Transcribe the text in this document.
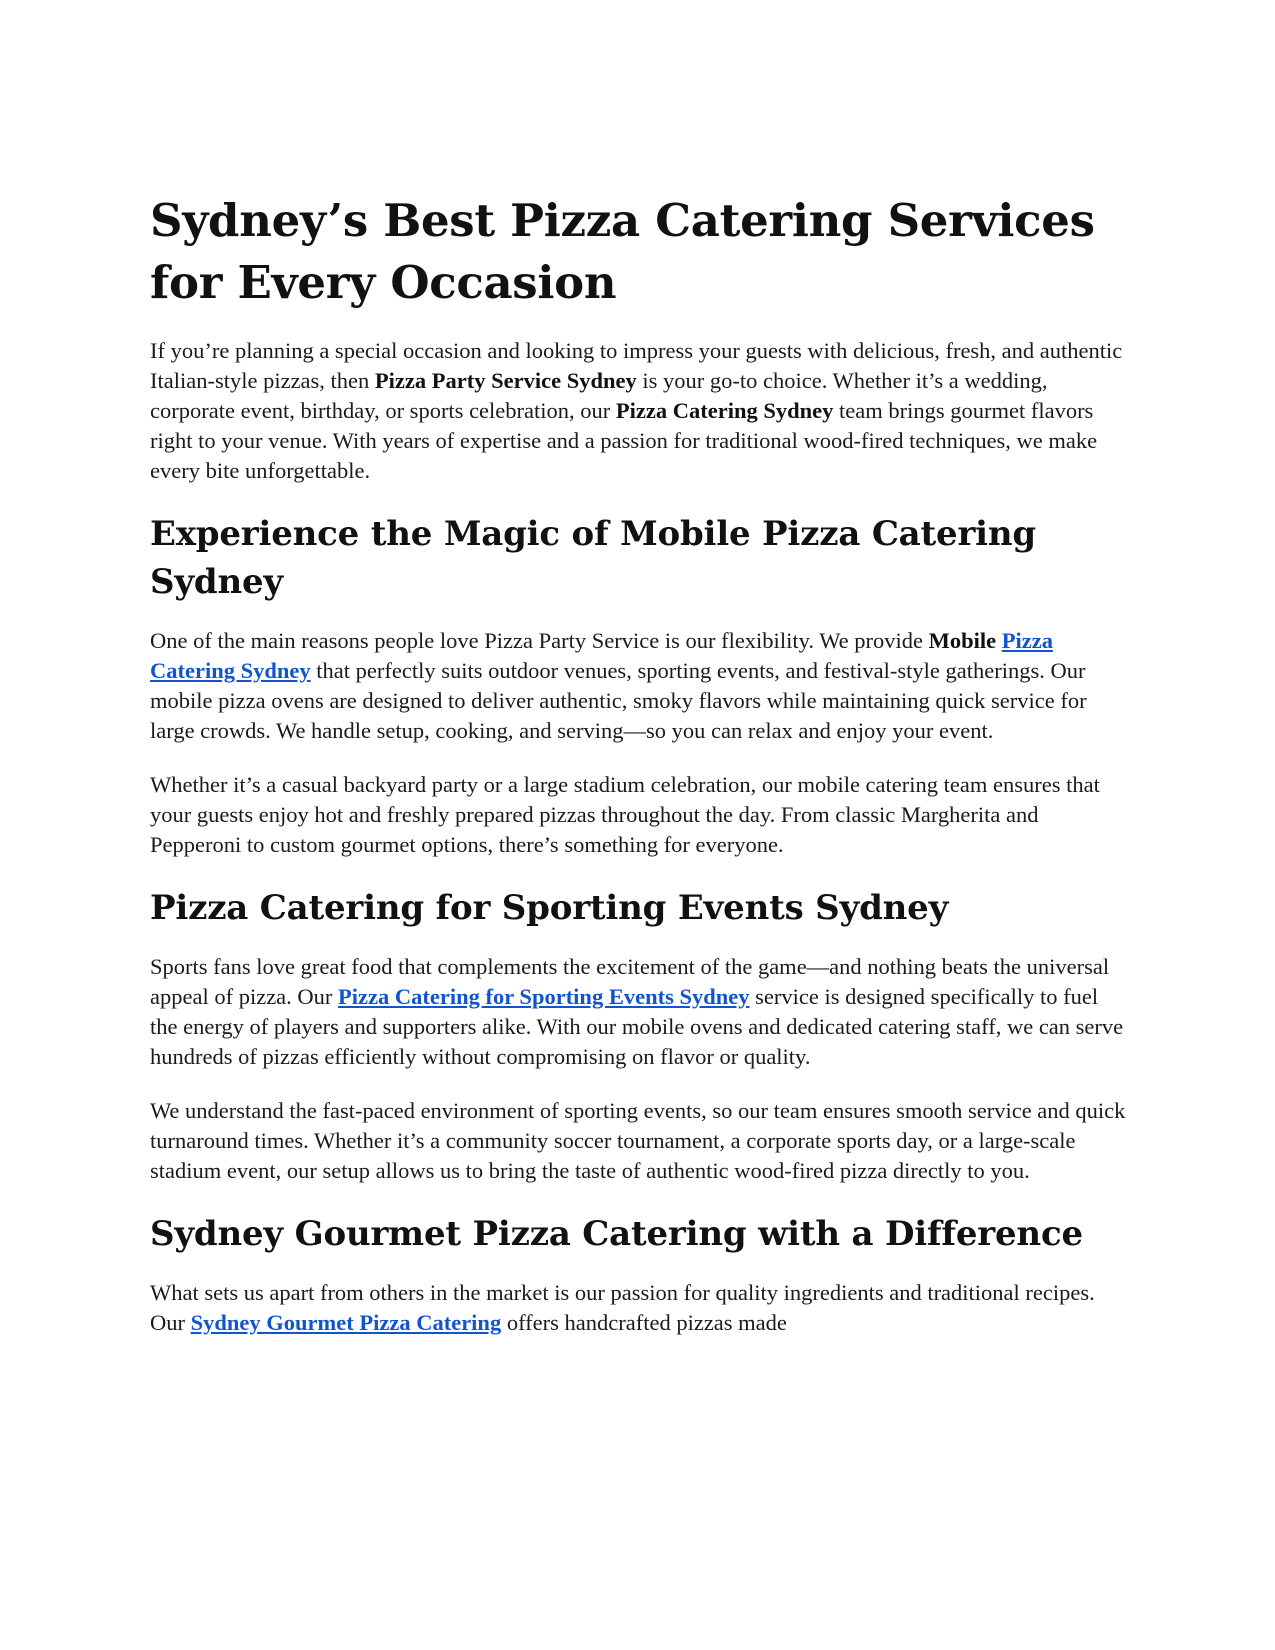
Sydney’s Best Pizza Catering Services for Every Occasion

If you’re planning a special occasion and looking to impress your guests with delicious, fresh, and authentic Italian-style pizzas, then Pizza Party Service Sydney is your go-to choice. Whether it’s a wedding, corporate event, birthday, or sports celebration, our Pizza Catering Sydney team brings gourmet flavors right to your venue. With years of expertise and a passion for traditional wood-fired techniques, we make every bite unforgettable.

Experience the Magic of Mobile Pizza Catering Sydney

One of the main reasons people love Pizza Party Service is our flexibility. We provide Mobile Pizza Catering Sydney that perfectly suits outdoor venues, sporting events, and festival-style gatherings. Our mobile pizza ovens are designed to deliver authentic, smoky flavors while maintaining quick service for large crowds. We handle setup, cooking, and serving—so you can relax and enjoy your event.

Whether it’s a casual backyard party or a large stadium celebration, our mobile catering team ensures that your guests enjoy hot and freshly prepared pizzas throughout the day. From classic Margherita and Pepperoni to custom gourmet options, there’s something for everyone.

Pizza Catering for Sporting Events Sydney

Sports fans love great food that complements the excitement of the game—and nothing beats the universal appeal of pizza. Our Pizza Catering for Sporting Events Sydney service is designed specifically to fuel the energy of players and supporters alike. With our mobile ovens and dedicated catering staff, we can serve hundreds of pizzas efficiently without compromising on flavor or quality.

We understand the fast-paced environment of sporting events, so our team ensures smooth service and quick turnaround times. Whether it’s a community soccer tournament, a corporate sports day, or a large-scale stadium event, our setup allows us to bring the taste of authentic wood-fired pizza directly to you.

Sydney Gourmet Pizza Catering with a Difference

What sets us apart from others in the market is our passion for quality ingredients and traditional recipes. Our Sydney Gourmet Pizza Catering offers handcrafted pizzas made
